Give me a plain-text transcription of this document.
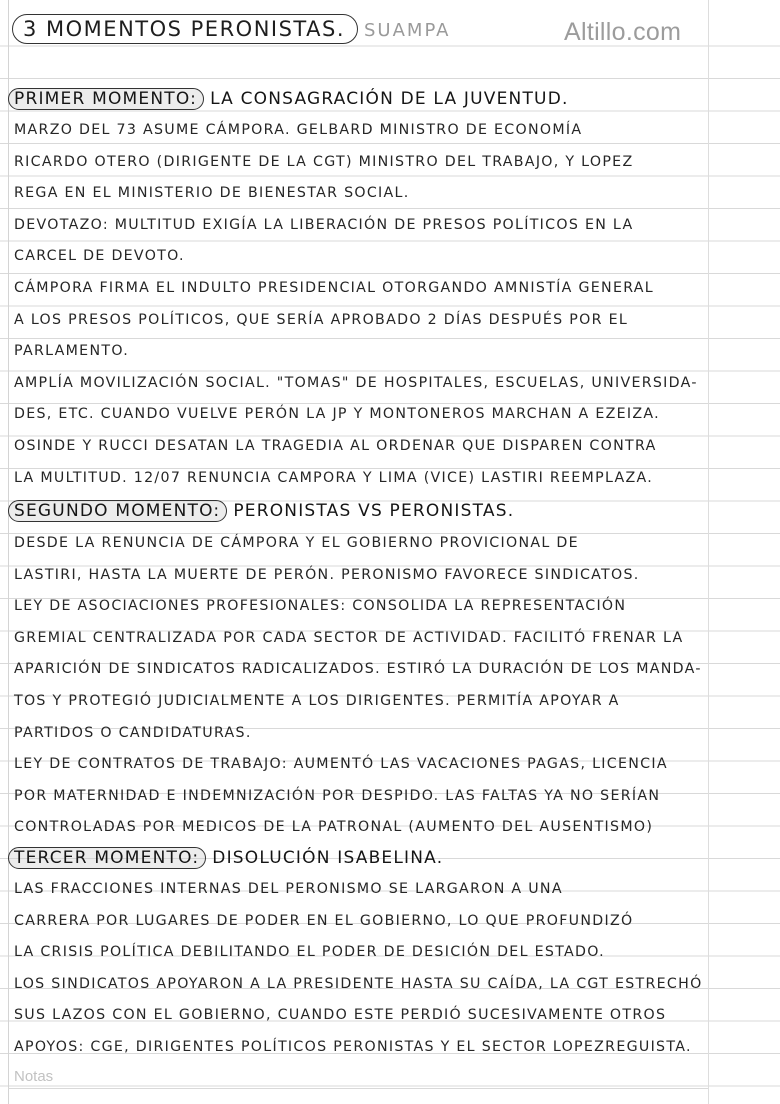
3 MOMENTOS PERONISTAS.	SUAMPA	Altillo.com
PRIMER MOMENTO: LA CONSAGRACIÓN DE LA JUVENTUD.
MARZO DEL 73 ASUME CÁMPORA. GELBARD MINISTRO DE ECONOMÍA
RICARDO OTERO (DIRIGENTE DE LA CGT) MINISTRO DEL TRABAJO, Y LOPEZ
REGA EN EL MINISTERIO DE BIENESTAR SOCIAL.
DEVOTAZO: MULTITUD EXIGÍA LA LIBERACIÓN DE PRESOS POLÍTICOS EN LA
CARCEL DE DEVOTO.
CÁMPORA FIRMA EL INDULTO PRESIDENCIAL OTORGANDO AMNISTÍA GENERAL
A LOS PRESOS POLÍTICOS, QUE SERÍA APROBADO 2 DÍAS DESPUÉS POR EL
PARLAMENTO.
AMPLÍA MOVILIZACIÓN SOCIAL. "TOMAS" DE HOSPITALES, ESCUELAS, UNIVERSIDA-
DES, ETC. CUANDO VUELVE PERÓN LA JP Y MONTONEROS MARCHAN A EZEIZA.
OSINDE Y RUCCI DESATAN LA TRAGEDIA AL ORDENAR QUE DISPAREN CONTRA
LA MULTITUD. 12/07 RENUNCIA CAMPORA Y LIMA (VICE) LASTIRI REEMPLAZA.
SEGUNDO MOMENTO: PERONISTAS VS PERONISTAS.
DESDE LA RENUNCIA DE CÁMPORA Y EL GOBIERNO PROVICIONAL DE
LASTIRI, HASTA LA MUERTE DE PERÓN. PERONISMO FAVORECE SINDICATOS.
LEY DE ASOCIACIONES PROFESIONALES: CONSOLIDA LA REPRESENTACIÓN
GREMIAL CENTRALIZADA POR CADA SECTOR DE ACTIVIDAD. FACILITÓ FRENAR LA
APARICIÓN DE SINDICATOS RADICALIZADOS. ESTIRÓ LA DURACIÓN DE LOS MANDA-
TOS Y PROTEGIÓ JUDICIALMENTE A LOS DIRIGENTES. PERMITÍA APOYAR A
PARTIDOS O CANDIDATURAS.
LEY DE CONTRATOS DE TRABAJO: AUMENTÓ LAS VACACIONES PAGAS, LICENCIA
POR MATERNIDAD E INDEMNIZACIÓN POR DESPIDO. LAS FALTAS YA NO SERÍAN
CONTROLADAS POR MEDICOS DE LA PATRONAL (AUMENTO DEL AUSENTISMO)
TERCER MOMENTO: DISOLUCIÓN ISABELINA.
LAS FRACCIONES INTERNAS DEL PERONISMO SE LARGARON A UNA
CARRERA POR LUGARES DE PODER EN EL GOBIERNO, LO QUE PROFUNDIZÓ
LA CRISIS POLÍTICA DEBILITANDO EL PODER DE DESICIÓN DEL ESTADO.
LOS SINDICATOS APOYARON A LA PRESIDENTE HASTA SU CAÍDA, LA CGT ESTRECHÓ
SUS LAZOS CON EL GOBIERNO, CUANDO ESTE PERDIÓ SUCESIVAMENTE OTROS
APOYOS: CGE, DIRIGENTES POLÍTICOS PERONISTAS Y EL SECTOR LOPEZREGUISTA.
Notas
